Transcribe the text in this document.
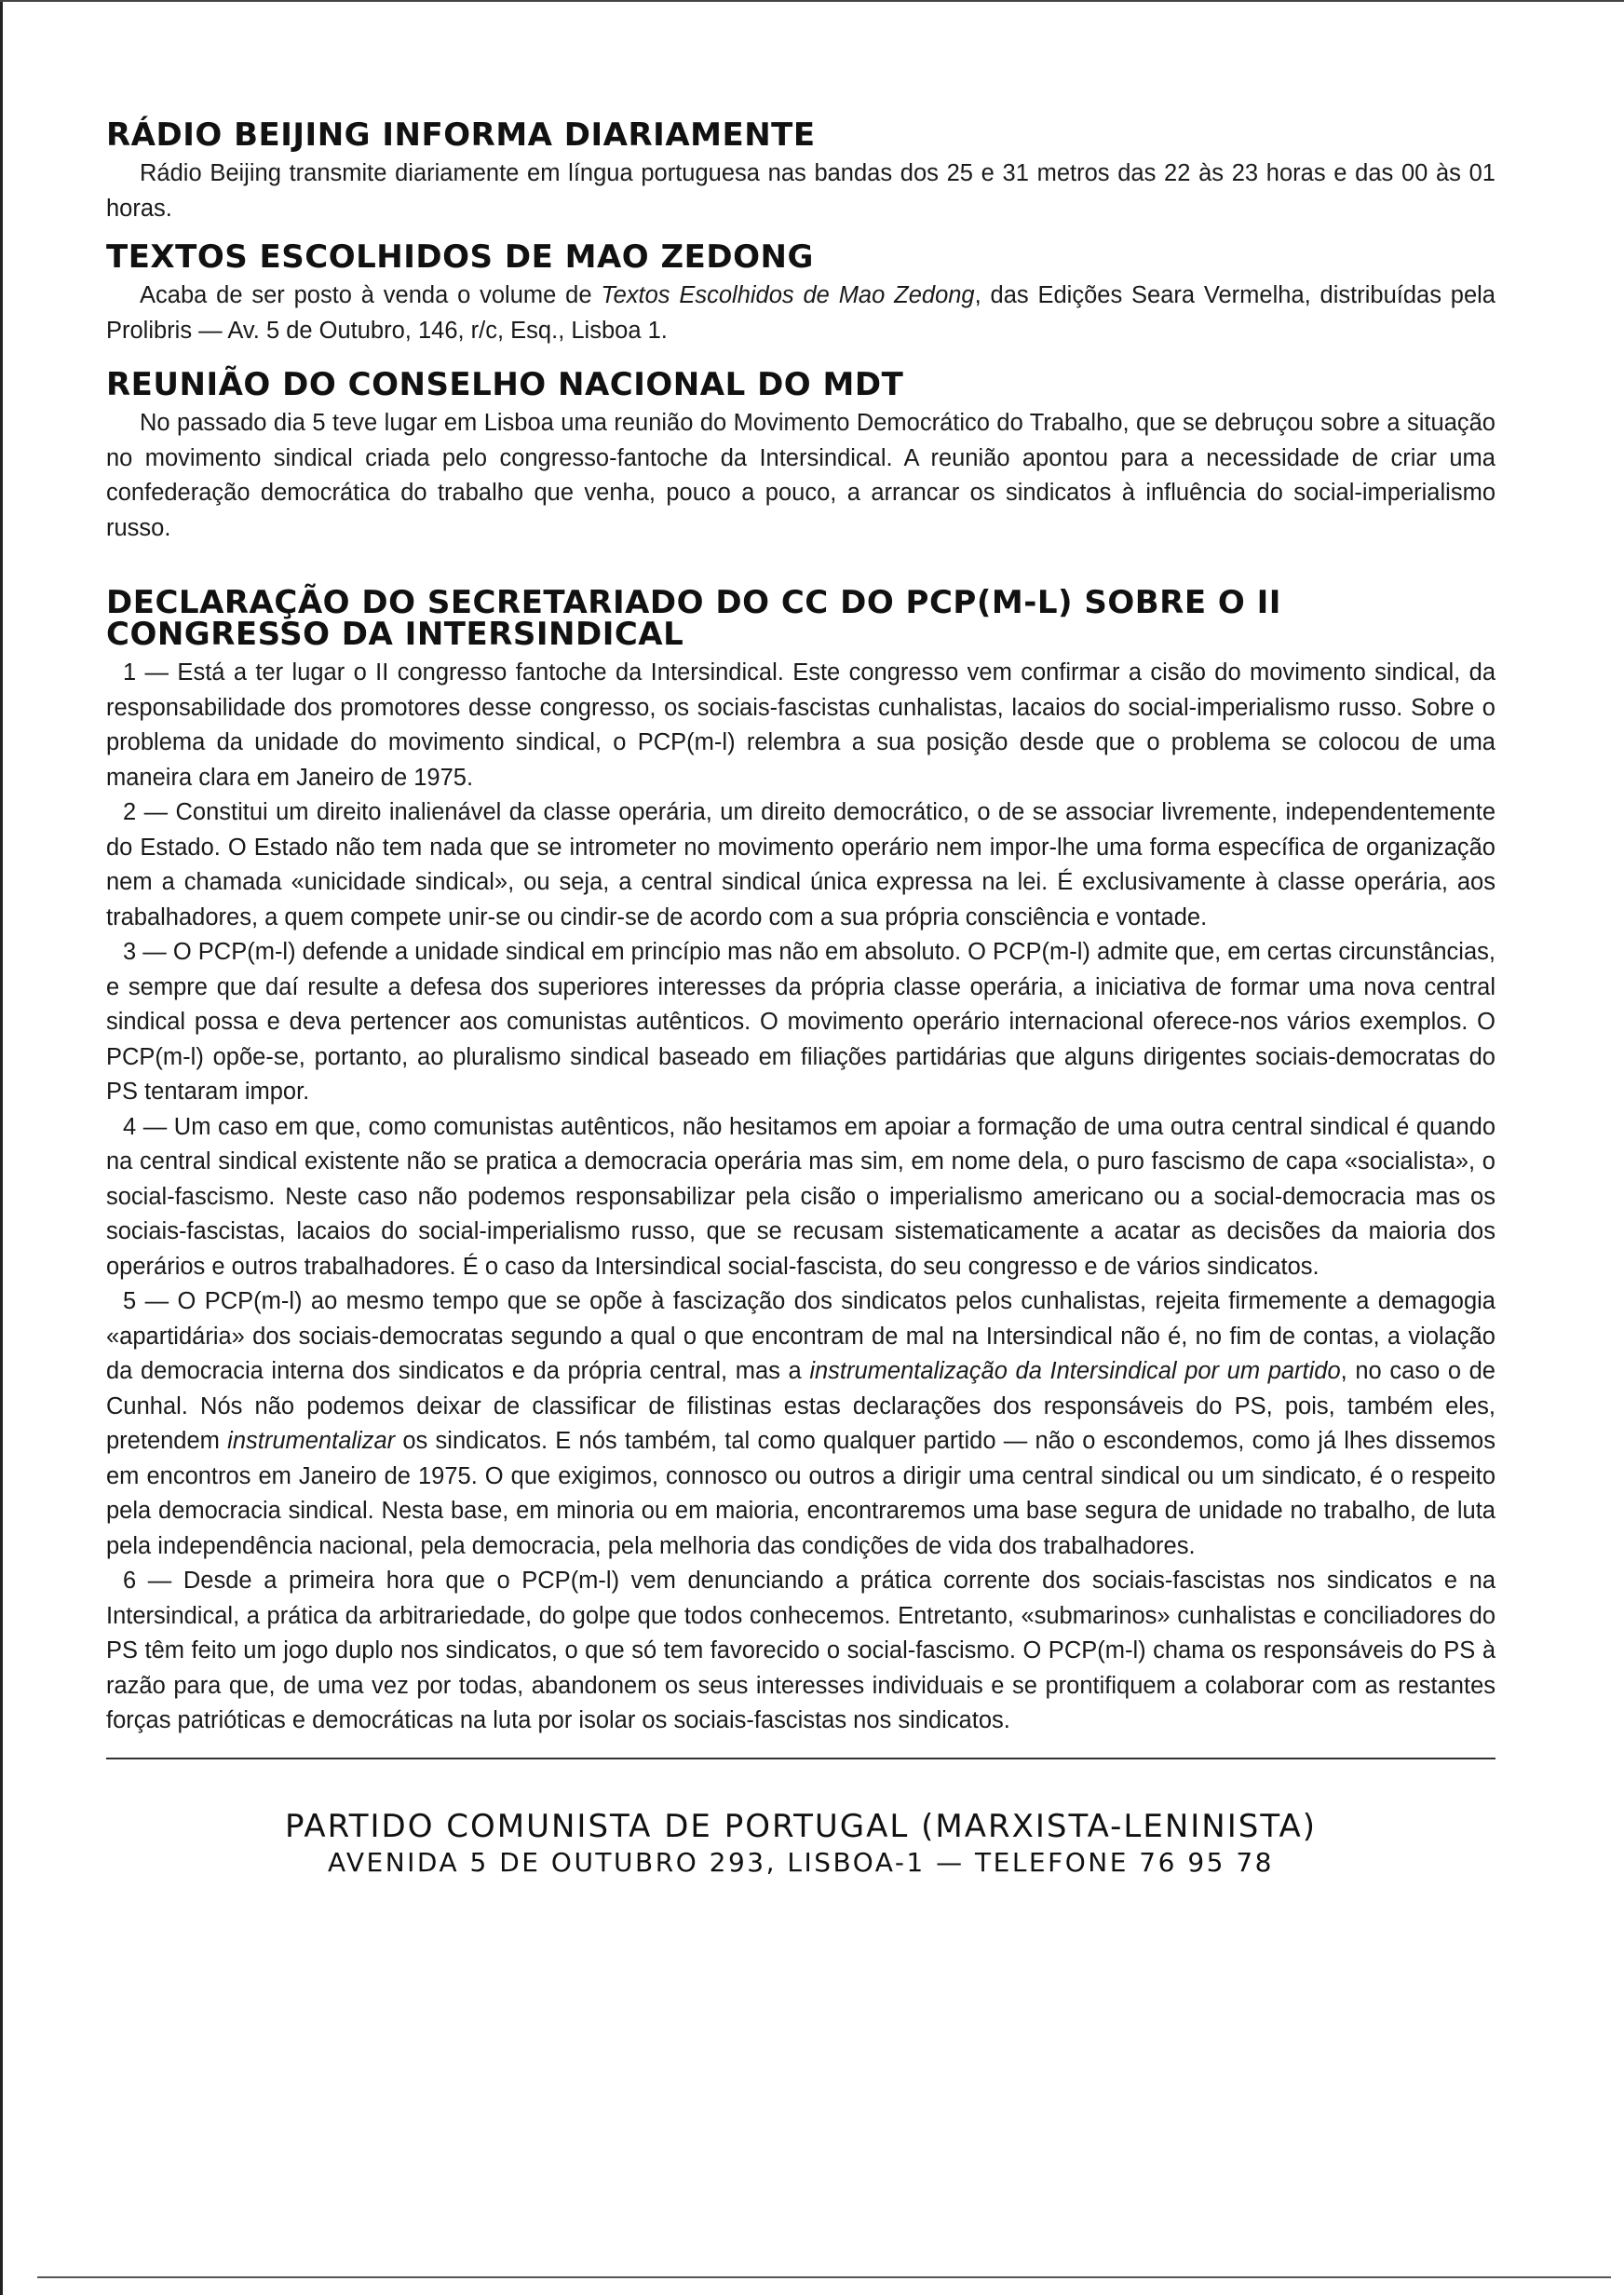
RÁDIO BEIJING INFORMA DIARIAMENTE

Rádio Beijing transmite diariamente em língua portuguesa nas bandas dos 25 e 31 metros das 22 às 23 horas e das 00 às 01 horas.

TEXTOS ESCOLHIDOS DE MAO ZEDONG

Acaba de ser posto à venda o volume de Textos Escolhidos de Mao Zedong, das Edições Seara Vermelha, distribuídas pela Prolibris — Av. 5 de Outubro, 146, r/c, Esq., Lisboa 1.

REUNIÃO DO CONSELHO NACIONAL DO MDT

No passado dia 5 teve lugar em Lisboa uma reunião do Movimento Democrático do Trabalho, que se debruçou sobre a situação no movimento sindical criada pelo congresso-fantoche da Intersindical. A reunião apontou para a necessidade de criar uma confederação democrática do trabalho que venha, pouco a pouco, a arrancar os sindicatos à influência do social-imperialismo russo.

DECLARAÇÃO DO SECRETARIADO DO CC DO PCP(M-L) SOBRE O II CONGRESSO DA INTERSINDICAL

1 — Está a ter lugar o II congresso fantoche da Intersindical. Este congresso vem confirmar a cisão do movimento sindical, da responsabilidade dos promotores desse congresso, os sociais-fascistas cunhalistas, lacaios do social-imperialismo russo. Sobre o problema da unidade do movimento sindical, o PCP(m-l) relembra a sua posição desde que o problema se colocou de uma maneira clara em Janeiro de 1975.

2 — Constitui um direito inalienável da classe operária, um direito democrático, o de se associar livremente, independentemente do Estado. O Estado não tem nada que se intrometer no movimento operário nem impor-lhe uma forma específica de organização nem a chamada «unicidade sindical», ou seja, a central sindical única expressa na lei. É exclusivamente à classe operária, aos trabalhadores, a quem compete unir-se ou cindir-se de acordo com a sua própria consciência e vontade.

3 — O PCP(m-l) defende a unidade sindical em princípio mas não em absoluto. O PCP(m-l) admite que, em certas circunstâncias, e sempre que daí resulte a defesa dos superiores interesses da própria classe operária, a iniciativa de formar uma nova central sindical possa e deva pertencer aos comunistas autênticos. O movimento operário internacional oferece-nos vários exemplos. O PCP(m-l) opõe-se, portanto, ao pluralismo sindical baseado em filiações partidárias que alguns dirigentes sociais-democratas do PS tentaram impor.

4 — Um caso em que, como comunistas autênticos, não hesitamos em apoiar a formação de uma outra central sindical é quando na central sindical existente não se pratica a democracia operária mas sim, em nome dela, o puro fascismo de capa «socialista», o social-fascismo. Neste caso não podemos responsabilizar pela cisão o imperialismo americano ou a social-democracia mas os sociais-fascistas, lacaios do social-imperialismo russo, que se recusam sistematicamente a acatar as decisões da maioria dos operários e outros trabalhadores. É o caso da Intersindical social-fascista, do seu congresso e de vários sindicatos.

5 — O PCP(m-l) ao mesmo tempo que se opõe à fascização dos sindicatos pelos cunhalistas, rejeita firmemente a demagogia «apartidária» dos sociais-democratas segundo a qual o que encontram de mal na Intersindical não é, no fim de contas, a violação da democracia interna dos sindicatos e da própria central, mas a instrumentalização da Intersindical por um partido, no caso o de Cunhal. Nós não podemos deixar de classificar de filistinas estas declarações dos responsáveis do PS, pois, também eles, pretendem instrumentalizar os sindicatos. E nós também, tal como qualquer partido — não o escondemos, como já lhes dissemos em encontros em Janeiro de 1975. O que exigimos, connosco ou outros a dirigir uma central sindical ou um sindicato, é o respeito pela democracia sindical. Nesta base, em minoria ou em maioria, encontraremos uma base segura de unidade no trabalho, de luta pela independência nacional, pela democracia, pela melhoria das condições de vida dos trabalhadores.

6 — Desde a primeira hora que o PCP(m-l) vem denunciando a prática corrente dos sociais-fascistas nos sindicatos e na Intersindical, a prática da arbitrariedade, do golpe que todos conhecemos. Entretanto, «submarinos» cunhalistas e conciliadores do PS têm feito um jogo duplo nos sindicatos, o que só tem favorecido o social-fascismo. O PCP(m-l) chama os responsáveis do PS à razão para que, de uma vez por todas, abandonem os seus interesses individuais e se prontifiquem a colaborar com as restantes forças patrióticas e democráticas na luta por isolar os sociais-fascistas nos sindicatos.

PARTIDO COMUNISTA DE PORTUGAL (MARXISTA-LENINISTA)
AVENIDA 5 DE OUTUBRO 293, LISBOA-1 — TELEFONE 76 95 78
